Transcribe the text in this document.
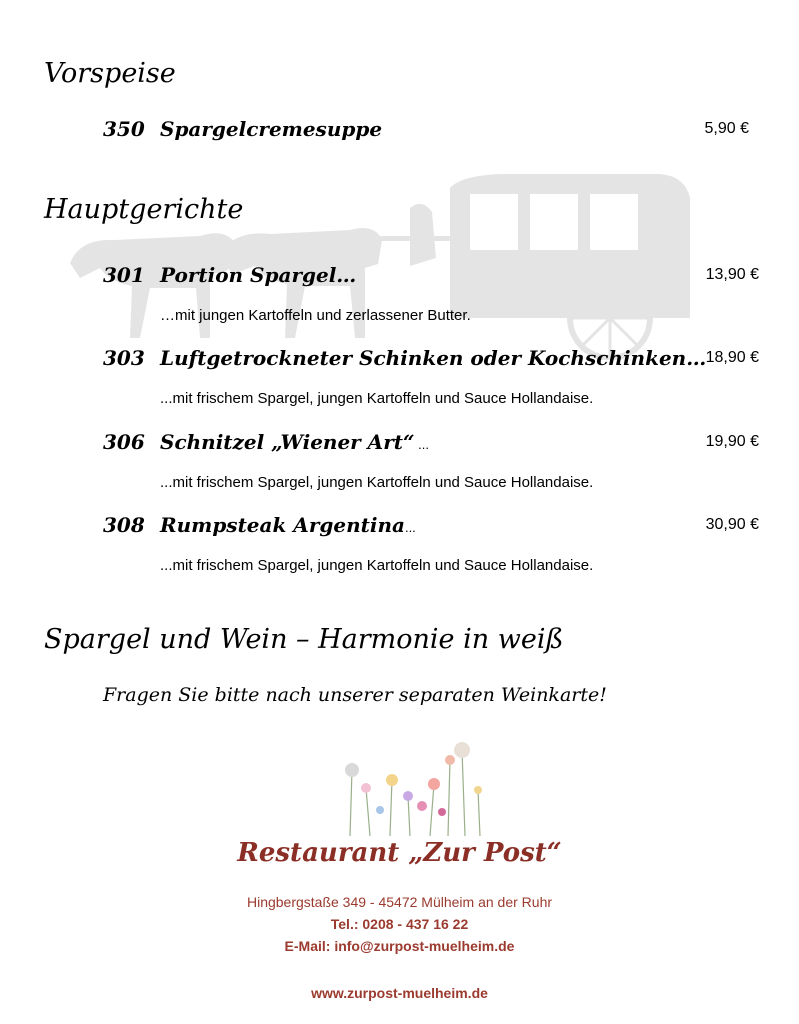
Vorspeise
350 Spargelcremesuppe	5,90 €
Hauptgerichte
301 Portion Spargel…	13,90 €
…mit jungen Kartoffeln und zerlassener Butter.
303 Luftgetrockneter Schinken oder Kochschinken… 18,90 €
...mit frischem Spargel, jungen Kartoffeln und Sauce Hollandaise.
306 Schnitzel „Wiener Art“ ...	19,90 €
...mit frischem Spargel, jungen Kartoffeln und Sauce Hollandaise.
308 Rumpsteak Argentina...	30,90 €
...mit frischem Spargel, jungen Kartoffeln und Sauce Hollandaise.
Spargel und Wein – Harmonie in weiß
Fragen Sie bitte nach unserer separaten Weinkarte!
Restaurant „Zur Post“
Hingbergstaße 349 - 45472 Mülheim an der Ruhr
Tel.: 0208 - 437 16 22
E-Mail: info@zurpost-muelheim.de
www.zurpost-muelheim.de
